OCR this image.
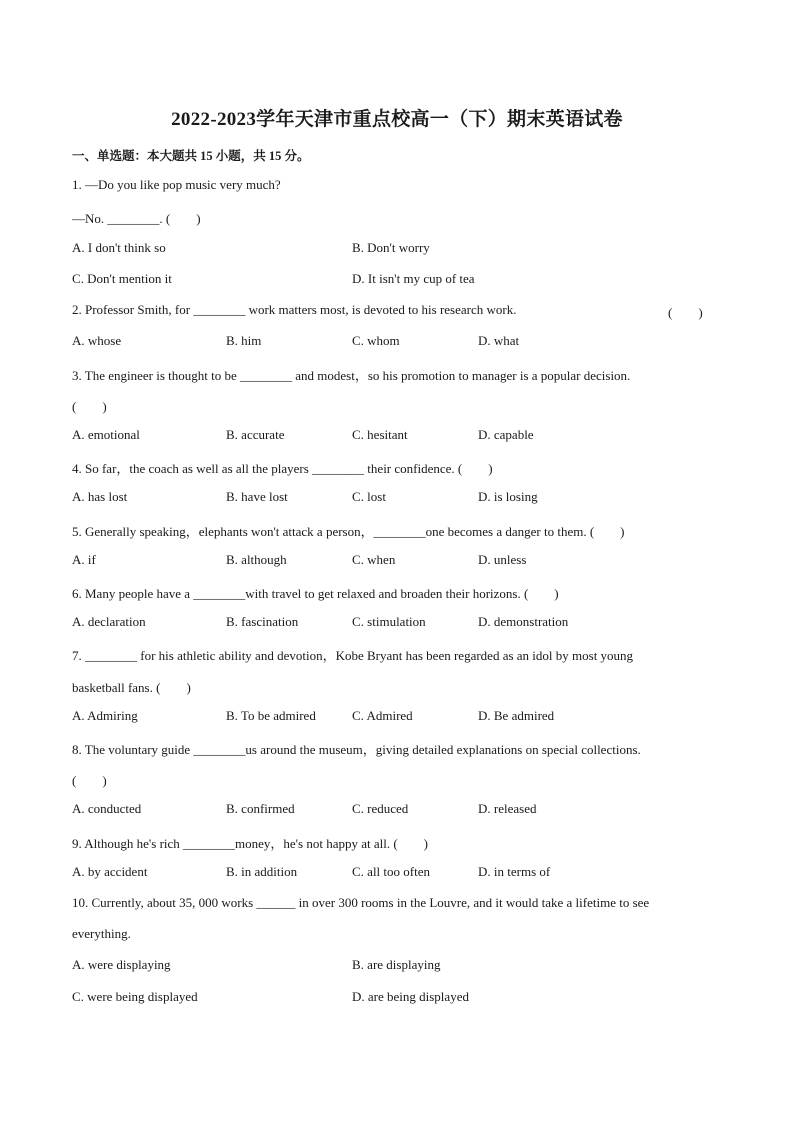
2022-2023学年天津市重点校高一（下）期末英语试卷
一、单选题：本大题共 15 小题，共 15 分。
1. —Do you like pop music very much?
—No. ________. (　　)
A. I don't think so	B. Don't worry
C. Don't mention it	D. It isn't my cup of tea
2. Professor Smith, for ________ work matters most, is devoted to his research work.	(　　)
A. whose	B. him	C. whom	D. what
3. The engineer is thought to be ________ and modest，so his promotion to manager is a popular decision.
(　　)
A. emotional	B. accurate	C. hesitant	D. capable
4. So far，the coach as well as all the players ________ their confidence. (　　)
A. has lost	B. have lost	C. lost	D. is losing
5. Generally speaking，elephants won't attack a person，________one becomes a danger to them. (　　)
A. if	B. although	C. when	D. unless
6. Many people have a ________with travel to get relaxed and broaden their horizons. (　　)
A. declaration	B. fascination	C. stimulation	D. demonstration
7. ________ for his athletic ability and devotion，Kobe Bryant has been regarded as an idol by most young
basketball fans. (　　)
A. Admiring	B. To be admired	C. Admired	D. Be admired
8. The voluntary guide ________us around the museum，giving detailed explanations on special collections.
(　　)
A. conducted	B. confirmed	C. reduced	D. released
9. Although he's rich ________money，he's not happy at all. (　　)
A. by accident	B. in addition	C. all too often	D. in terms of
10. Currently, about 35, 000 works ______ in over 300 rooms in the Louvre, and it would take a lifetime to see
everything.
A. were displaying	B. are displaying
C. were being displayed	D. are being displayed
